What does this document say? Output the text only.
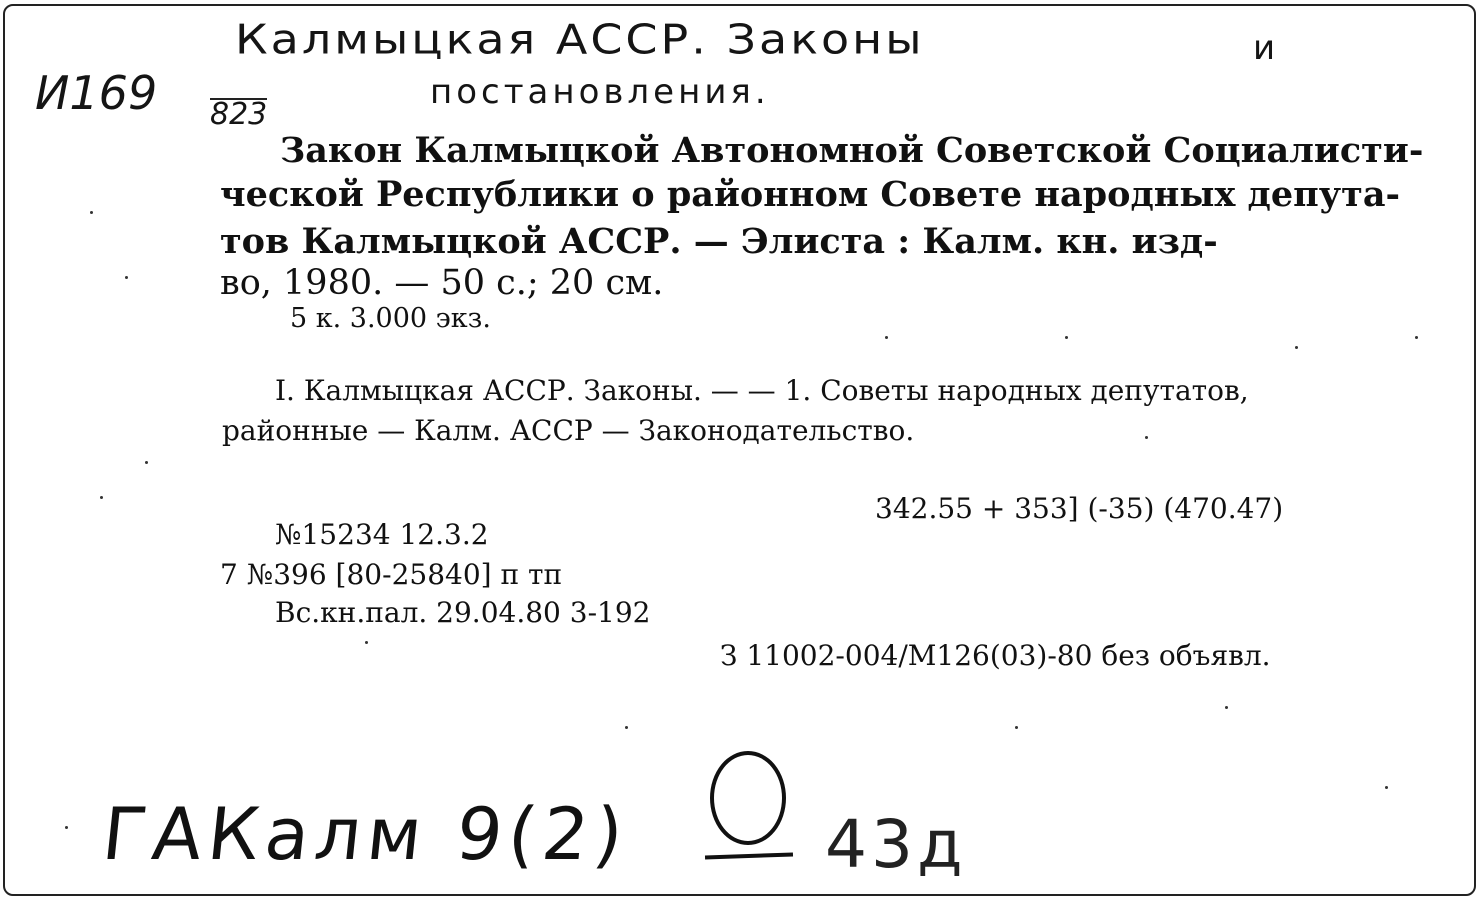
Калмыцкая АССР. Законы	и
постановления.
И169 823
Закон Калмыцкой Автономной Советской Социалисти-
ческой Республики о районном Совете народных депута-
тов Калмыцкой АССР. — Элиста : Калм. кн. изд-
во, 1980. — 50 с.; 20 см.
5 к. 3.000 экз.
I. Калмыцкая АССР. Законы. — — 1. Советы народных депутатов,
районные — Калм. АССР — Законодательство.
342.55 + 353] (-35) (470.47)
№15234 12.3.2
7 №396 [80-25840] п тп
Вс.кн.пал. 29.04.80 3-192
З 11002-004/М126(03)-80 без объявл.
ГАКалм 9(2)	43д
